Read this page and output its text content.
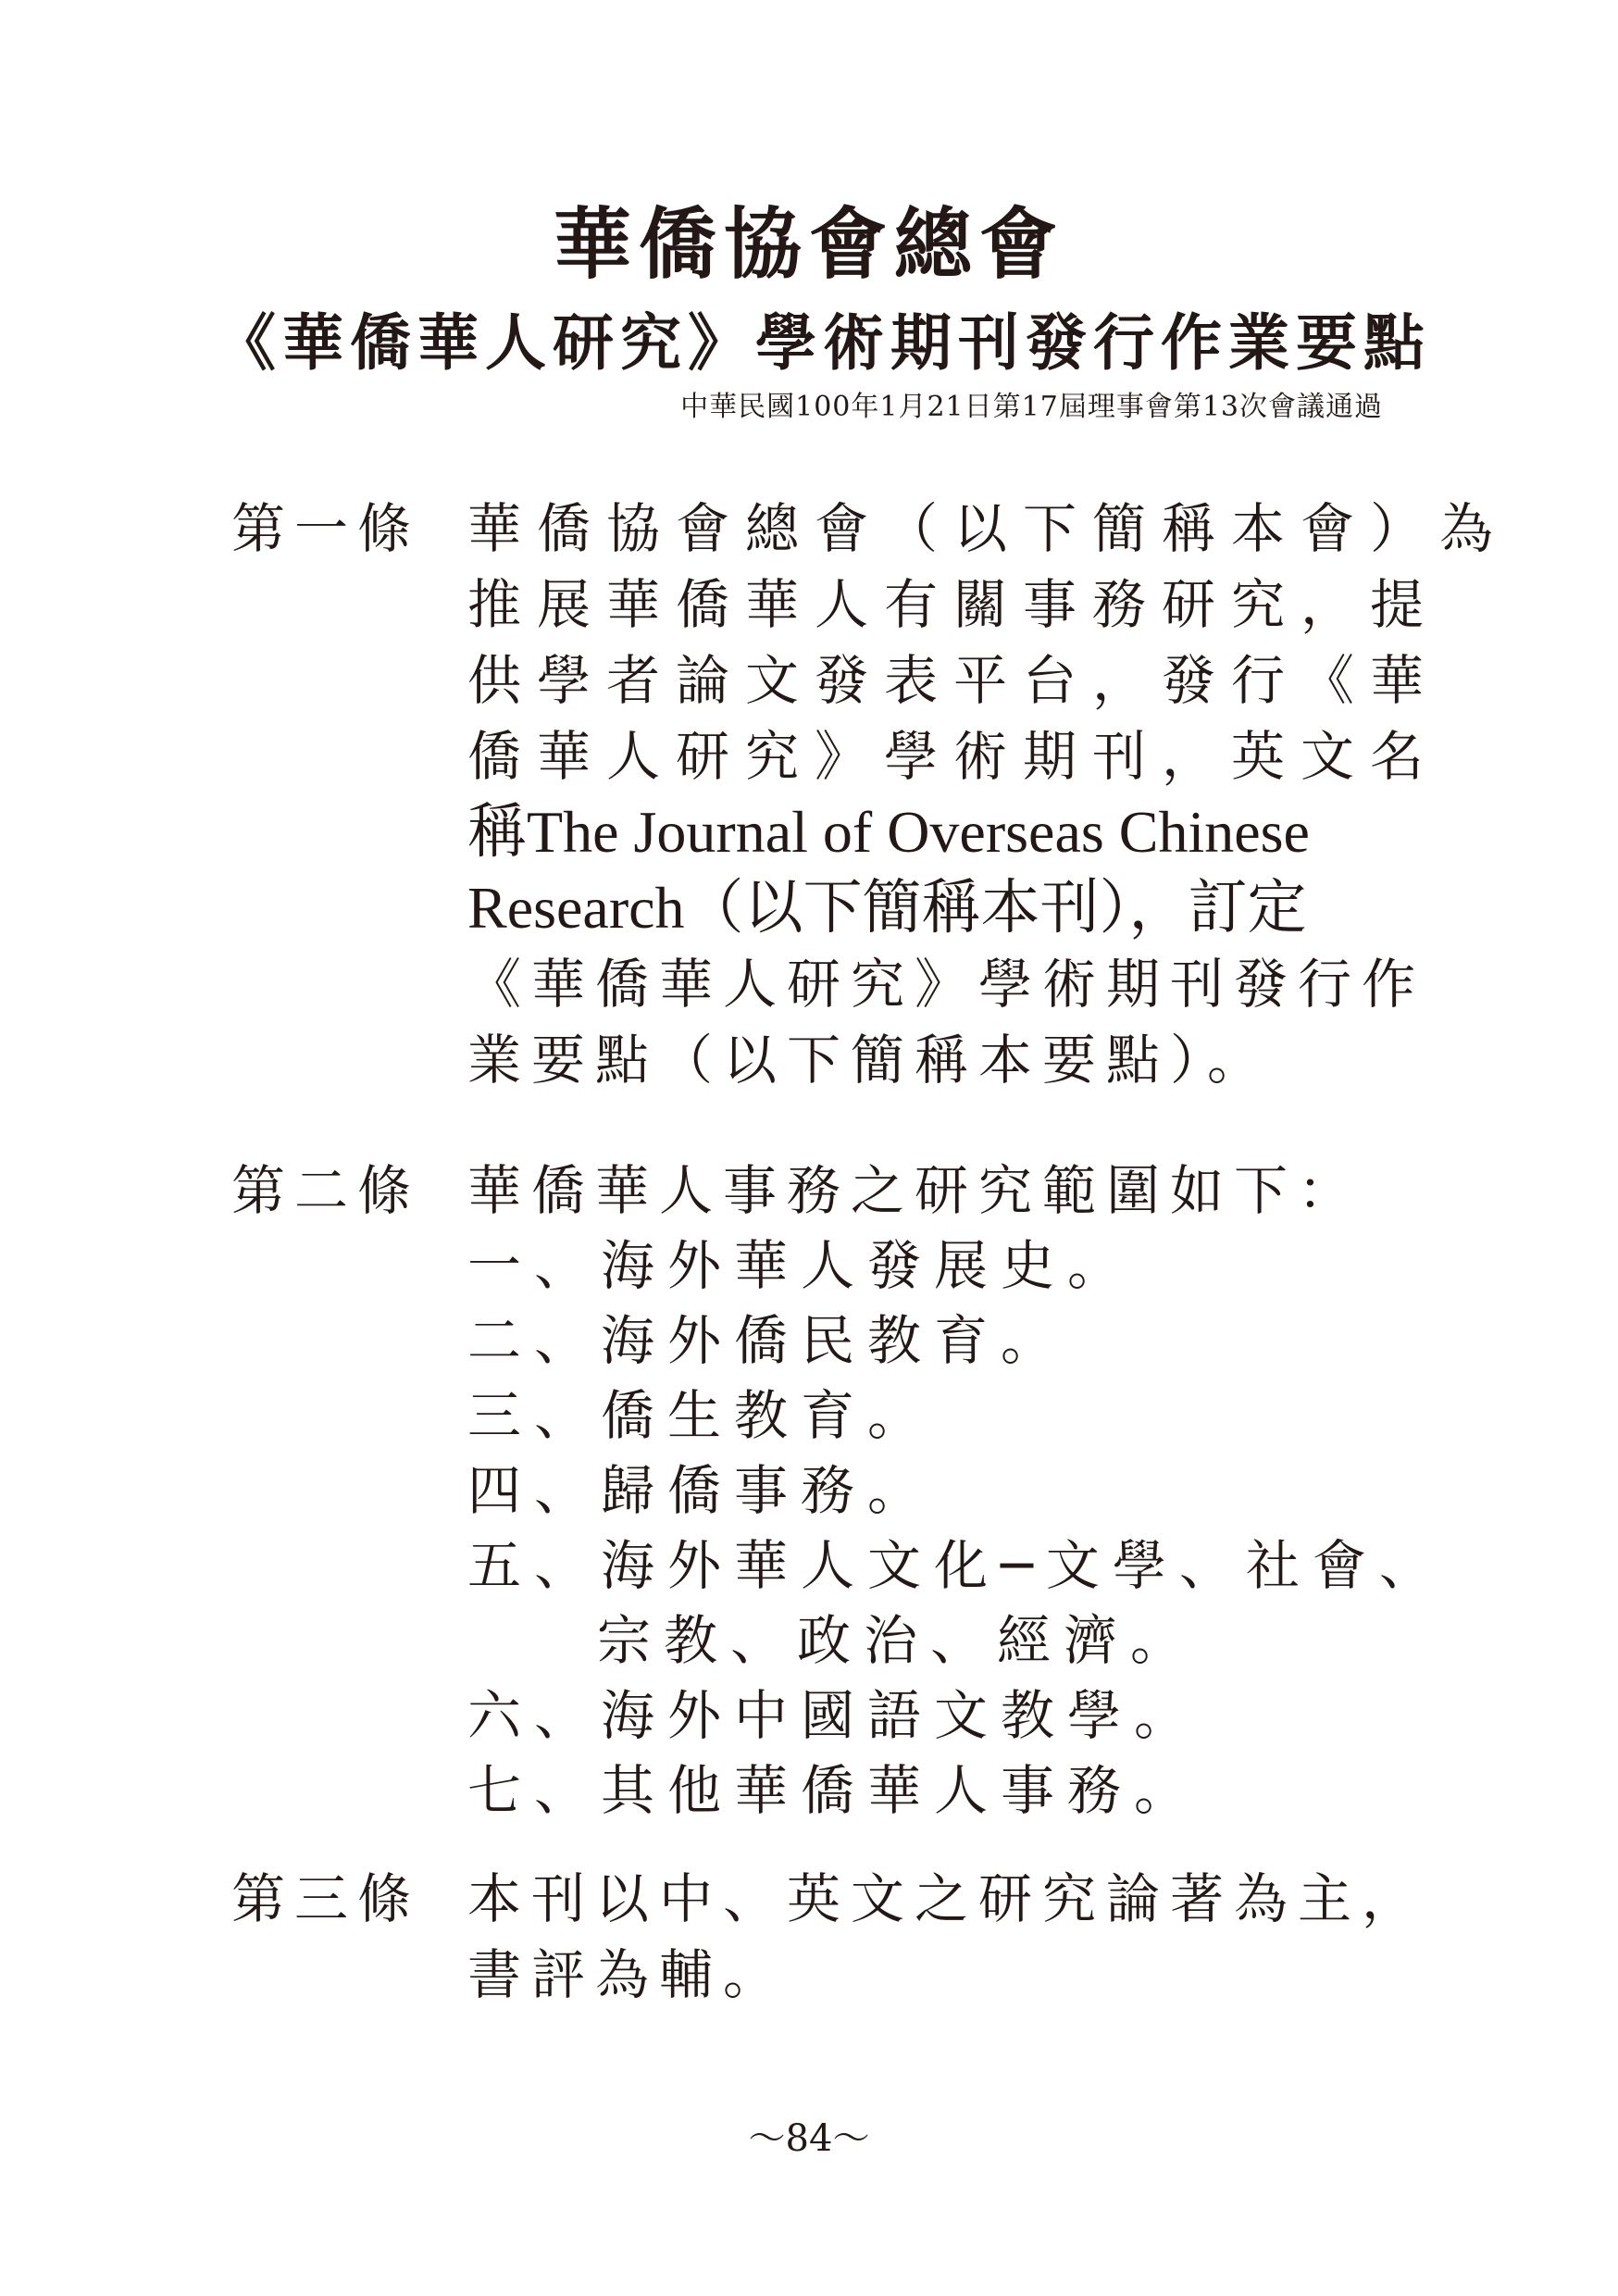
華僑協會總會
《華僑華人研究》學術期刊發行作業要點
中華民國100年1月21日第17屆理事會第13次會議通過
第一條 華僑協會總會（以下簡稱本會）為
推展華僑華人有關事務研究，提
供學者論文發表平台，發行《華
僑華人研究》學術期刊，英文名
稱The Journal of Overseas Chinese
Research（以下簡稱本刊），訂定
《華僑華人研究》學術期刊發行作
業要點（以下簡稱本要點）。
第二條 華僑華人事務之研究範圍如下：
一、海外華人發展史。
二、海外僑民教育。
三、僑生教育。
四、歸僑事務。
五、海外華人文化─文學、社會、
宗教、政治、經濟。
六、海外中國語文教學。
七、其他華僑華人事務。
第三條 本刊以中、英文之研究論著為主，
書評為輔。
～84～
